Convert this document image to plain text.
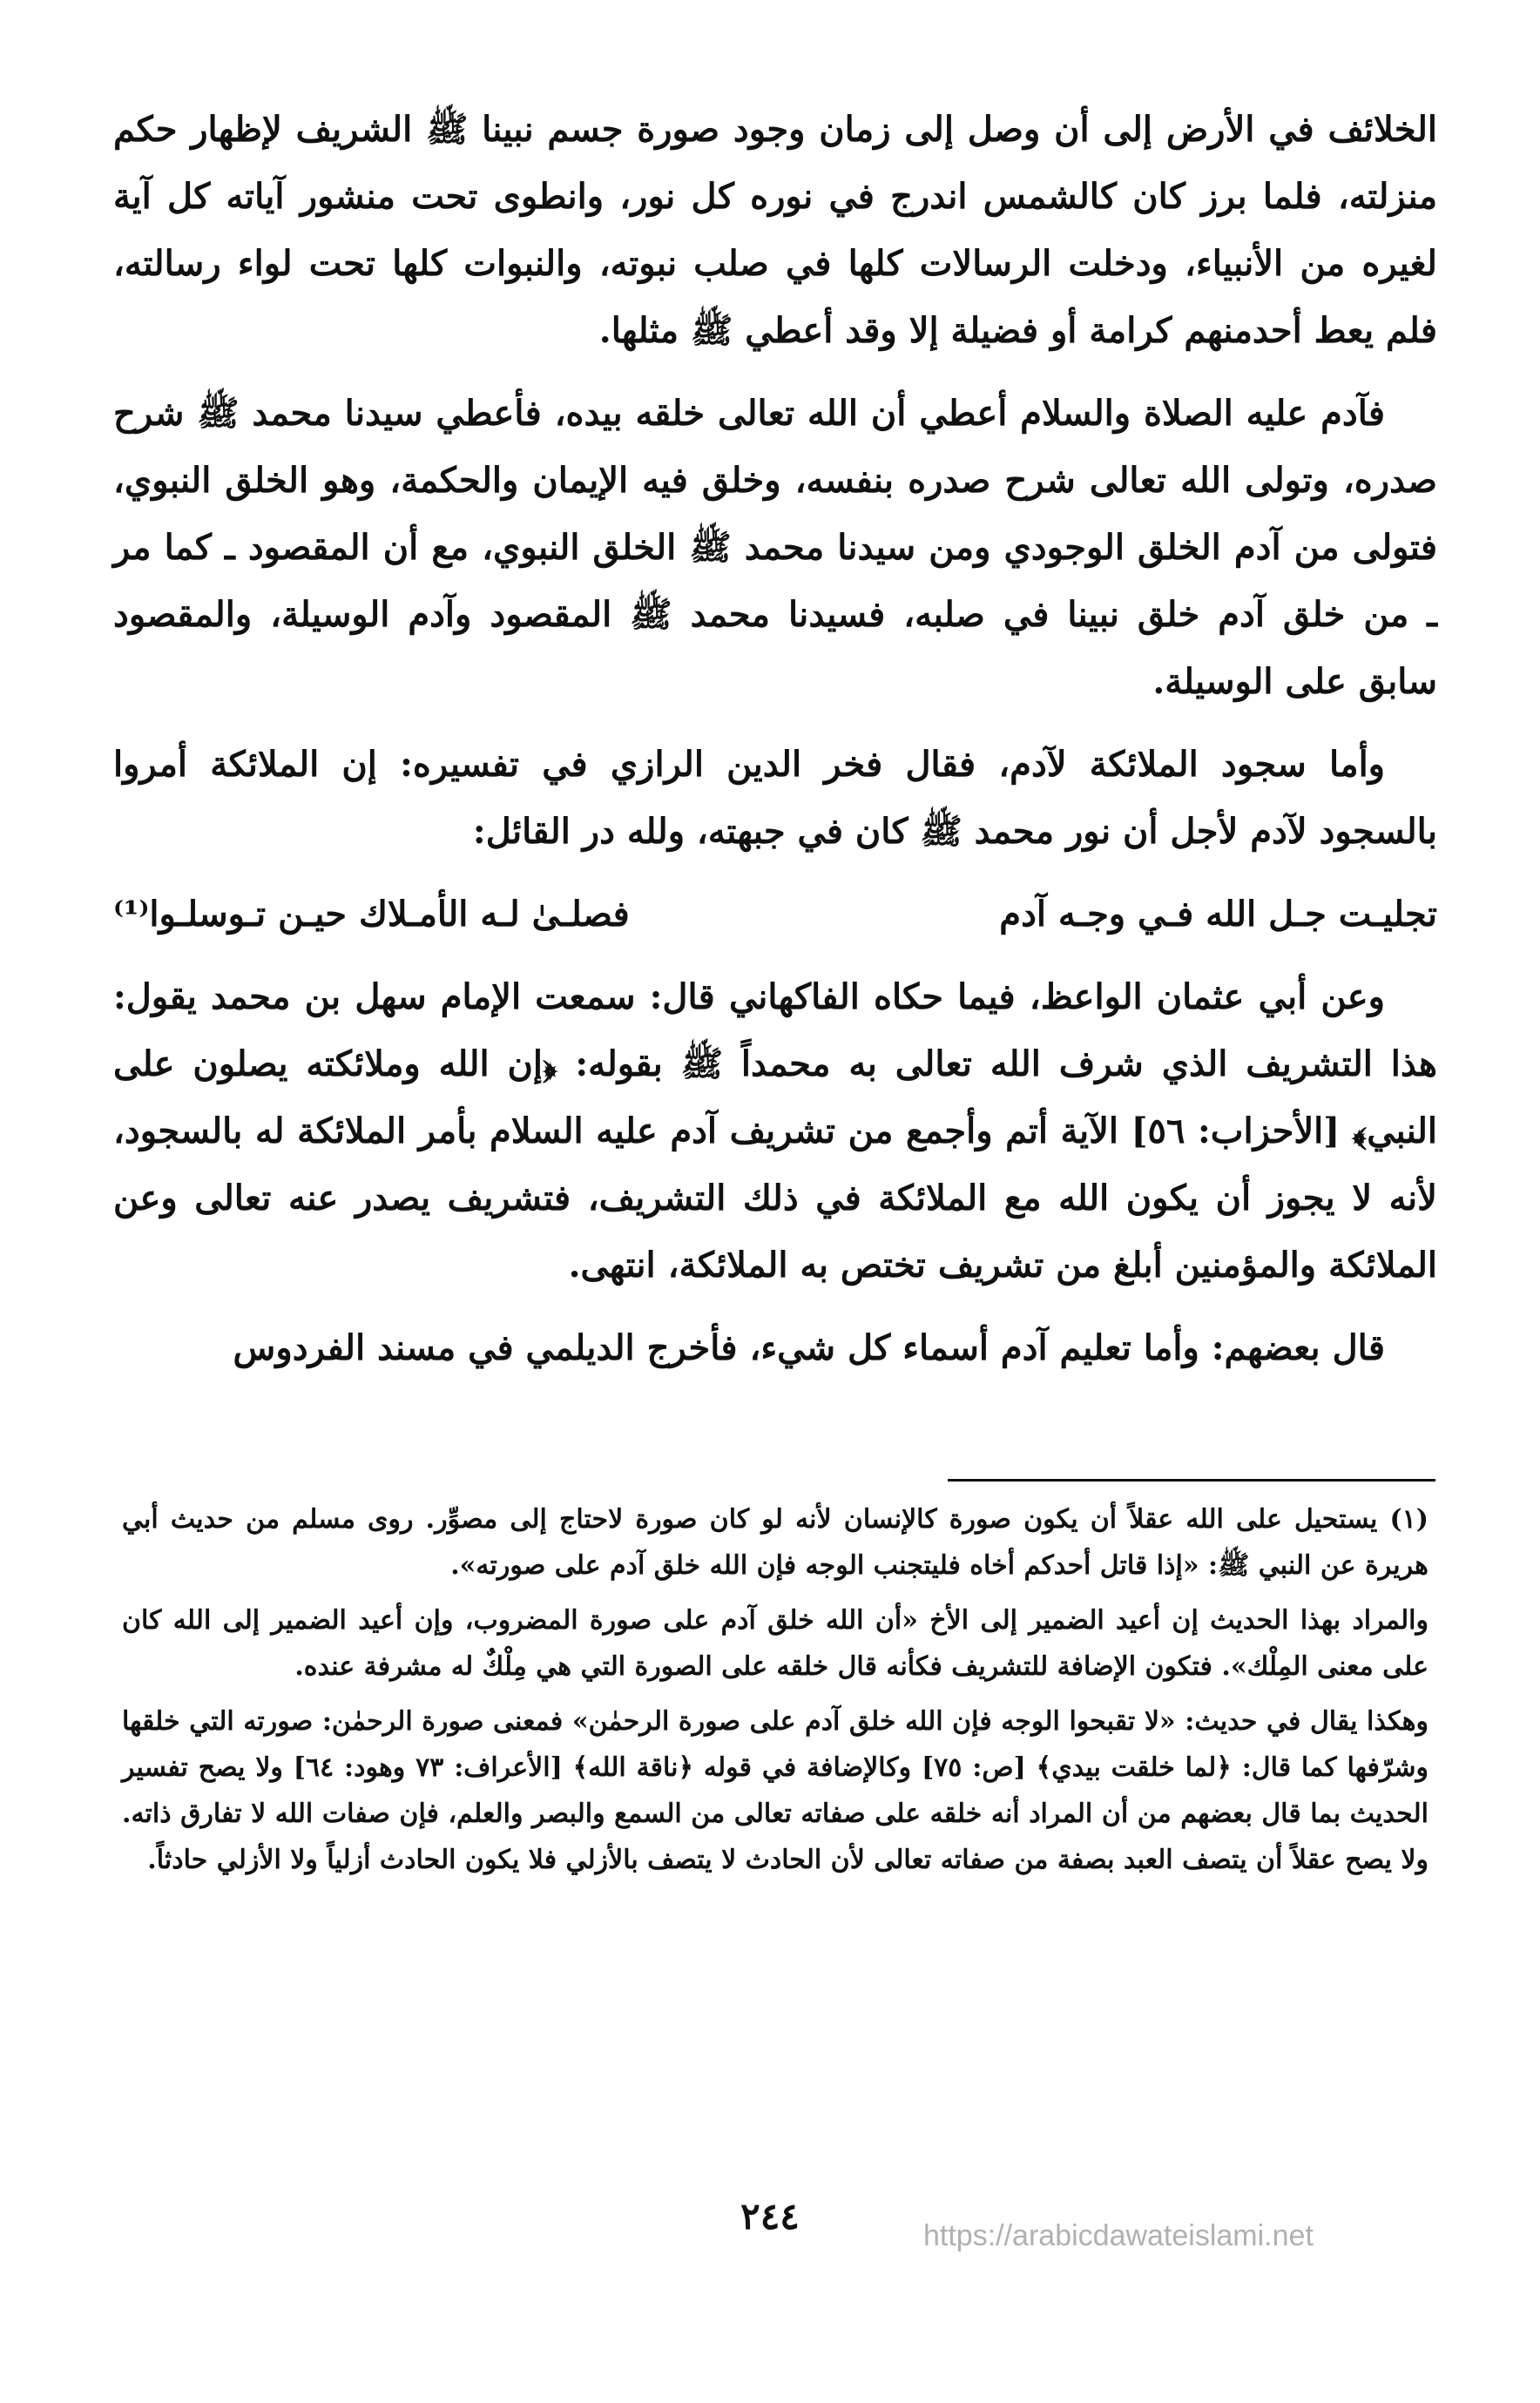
الخلائف في الأرض إلى أن وصل إلى زمان وجود صورة جسم نبينا ﷺ الشريف لإظهار حكم منزلته، فلما برز كان كالشمس اندرج في نوره كل نور، وانطوى تحت منشور آياته كل آية لغيره من الأنبياء، ودخلت الرسالات كلها في صلب نبوته، والنبوات كلها تحت لواء رسالته، فلم يعط أحدمنهم كرامة أو فضيلة إلا وقد أعطي ﷺ مثلها.

فآدم عليه الصلاة والسلام أعطي أن الله تعالى خلقه بيده، فأعطي سيدنا محمد ﷺ شرح صدره، وتولى الله تعالى شرح صدره بنفسه، وخلق فيه الإيمان والحكمة، وهو الخلق النبوي، فتولى من آدم الخلق الوجودي ومن سيدنا محمد ﷺ الخلق النبوي، مع أن المقصود ـ كما مر ـ من خلق آدم خلق نبينا في صلبه، فسيدنا محمد ﷺ المقصود وآدم الوسيلة، والمقصود سابق على الوسيلة.

وأما سجود الملائكة لآدم، فقال فخر الدين الرازي في تفسيره: إن الملائكة أمروا بالسجود لآدم لأجل أن نور محمد ﷺ كان في جبهته، ولله در القائل:

تجليـت جـل الله فـي وجـه آدم
فصلـىٰ لـه الأمـلاك حيـن تـوسلـوا⁽¹⁾

وعن أبي عثمان الواعظ، فيما حكاه الفاكهاني قال: سمعت الإمام سهل بن محمد يقول: هذا التشريف الذي شرف الله تعالى به محمداً ﷺ بقوله: ﴿إن الله وملائكته يصلون على النبي﴾ [الأحزاب: ٥٦] الآية أتم وأجمع من تشريف آدم عليه السلام بأمر الملائكة له بالسجود، لأنه لا يجوز أن يكون الله مع الملائكة في ذلك التشريف، فتشريف يصدر عنه تعالى وعن الملائكة والمؤمنين أبلغ من تشريف تختص به الملائكة، انتهى.

قال بعضهم: وأما تعليم آدم أسماء كل شيء، فأخرج الديلمي في مسند الفردوس

(١) يستحيل على الله عقلاً أن يكون صورة كالإنسان لأنه لو كان صورة لاحتاج إلى مصوِّر. روى مسلم من حديث أبي هريرة عن النبي ﷺ: «إذا قاتل أحدكم أخاه فليتجنب الوجه فإن الله خلق آدم على صورته».

والمراد بهذا الحديث إن أعيد الضمير إلى الأخ «أن الله خلق آدم على صورة المضروب، وإن أعيد الضمير إلى الله كان على معنى المِلْك». فتكون الإضافة للتشريف فكأنه قال خلقه على الصورة التي هي مِلْكٌ له مشرفة عنده.

وهكذا يقال في حديث: «لا تقبحوا الوجه فإن الله خلق آدم على صورة الرحمٰن» فمعنى صورة الرحمٰن: صورته التي خلقها وشرّفها كما قال: ﴿لما خلقت بيدي﴾ [ص: ٧٥] وكالإضافة في قوله ﴿ناقة الله﴾ [الأعراف: ٧٣ وهود: ٦٤] ولا يصح تفسير الحديث بما قال بعضهم من أن المراد أنه خلقه على صفاته تعالى من السمع والبصر والعلم، فإن صفات الله لا تفارق ذاته. ولا يصح عقلاً أن يتصف العبد بصفة من صفاته تعالى لأن الحادث لا يتصف بالأزلي فلا يكون الحادث أزلياً ولا الأزلي حادثاً.

٢٤٤	https://arabicdawateislami.net
